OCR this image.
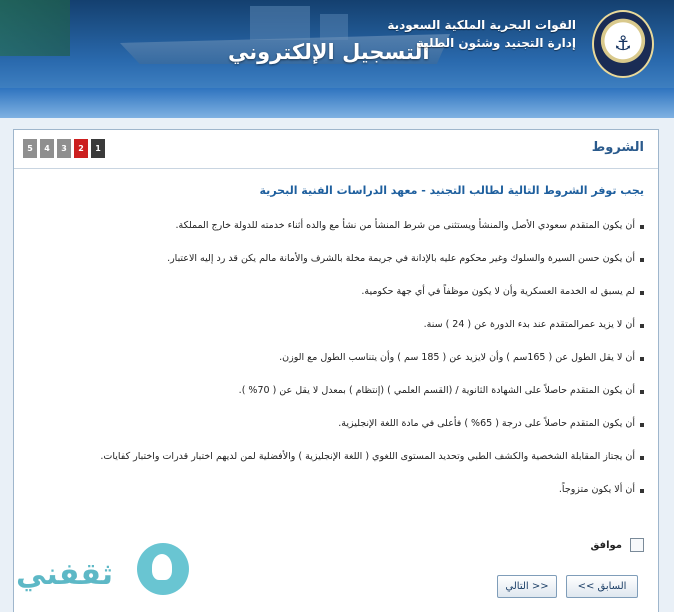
التسجيل الإلكتروني
القوات البحرية الملكية السعودية
إدارة التجنيد وشئون الطلبة ⚓
5	4	3	2	1	الشروط
يجب توفر الشروط التالية لطالب التجنيد - معهد الدراسات الفنية البحرية
أن يكون المتقدم سعودي الأصل والمنشأ ويستثنى من شرط المنشأ من نشأ مع والده أثناء خدمته للدولة خارج المملكة.
أن يكون حسن السيرة والسلوك وغير محكوم عليه بالإدانة في جريمة مخلة بالشرف والأمانة مالم يكن قد رد إليه الاعتبار.
لم يسبق له الخدمة العسكرية وأن لا يكون موظفاً في أي جهة حكومية.
أن لا يزيد عمرالمتقدم عند بدء الدورة عن ( 24 ) سنة.
أن لا يقل الطول عن ( 165سم ) وأن لايزيد عن ( 185 سم ) وأن يتناسب الطول مع الوزن.
أن يكون المتقدم حاصلاً على الشهادة الثانوية / (القسم العلمي ) (إنتظام ) بمعدل لا يقل عن ( 70% ).
أن يكون المتقدم حاصلاً على درجة ( 65% ) فأعلى في مادة اللغة الإنجليزية.
أن يجتاز المقابلة الشخصية والكشف الطبي وتحديد المستوى اللغوي ( اللغة الإنجليزية ) والأفضلية لمن لديهم اختبار قدرات واختبار كفايات.
أن ألا يكون متزوجاً.
موافق
<< السابق
التالي >>
ثقفني
